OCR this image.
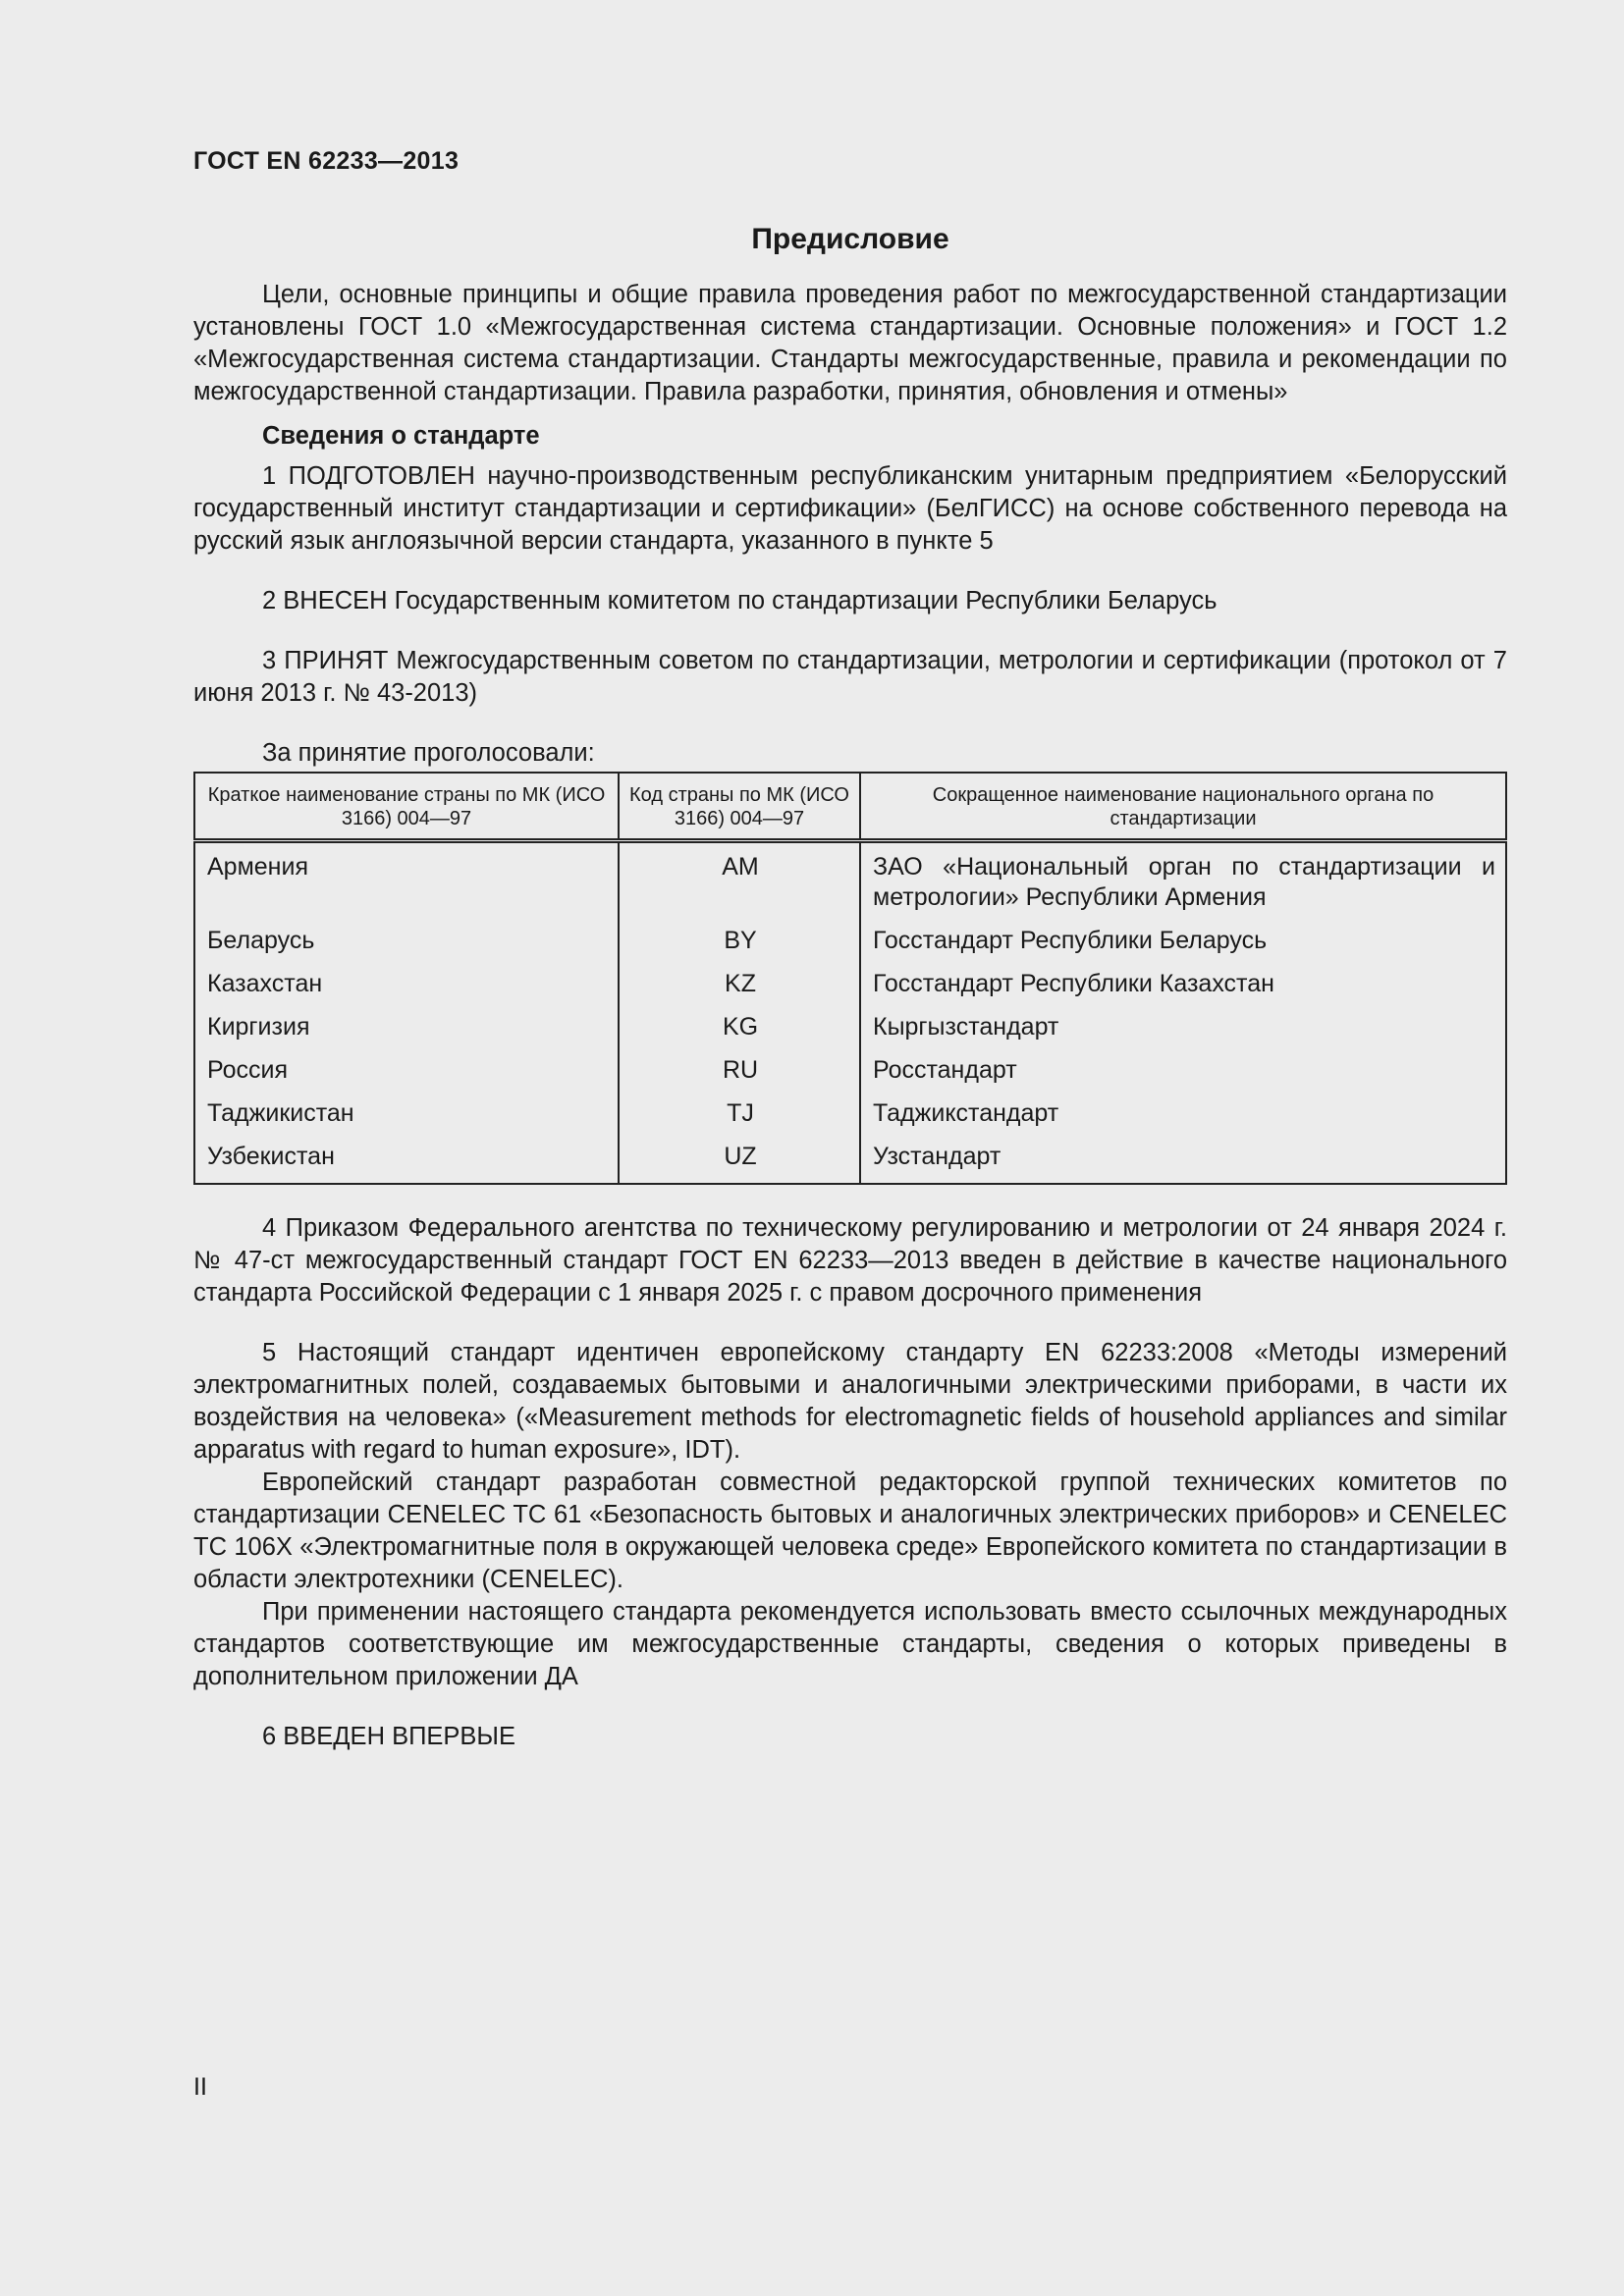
ГОСТ EN 62233—2013
Предисловие

Цели, основные принципы и общие правила проведения работ по межгосударственной стандартизации установлены ГОСТ 1.0 «Межгосударственная система стандартизации. Основные положения» и ГОСТ 1.2 «Межгосударственная система стандартизации. Стандарты межгосударственные, правила и рекомендации по межгосударственной стандартизации. Правила разработки, принятия, обновления и отмены»

Сведения о стандарте

1 ПОДГОТОВЛЕН научно-производственным республиканским унитарным предприятием «Белорусский государственный институт стандартизации и сертификации» (БелГИСС) на основе собственного перевода на русский язык англоязычной версии стандарта, указанного в пункте 5

2 ВНЕСЕН Государственным комитетом по стандартизации Республики Беларусь

3 ПРИНЯТ Межгосударственным советом по стандартизации, метрологии и сертификации (протокол от 7 июня 2013 г. № 43-2013)

За принятие проголосовали:

Краткое наименование страны по МК (ИСО 3166) 004—97	Код страны по МК (ИСО 3166) 004—97	Сокращенное наименование национального органа по стандартизации
Армения	AM	ЗАО «Национальный орган по стандартизации и метрологии» Республики Армения
Беларусь	BY	Госстандарт Республики Беларусь
Казахстан	KZ	Госстандарт Республики Казахстан
Киргизия	KG	Кыргызстандарт
Россия	RU	Росстандарт
Таджикистан	TJ	Таджикстандарт
Узбекистан	UZ	Узстандарт

4 Приказом Федерального агентства по техническому регулированию и метрологии от 24 января 2024 г. № 47-ст межгосударственный стандарт ГОСТ EN 62233—2013 введен в действие в качестве национального стандарта Российской Федерации с 1 января 2025 г. с правом досрочного применения

5 Настоящий стандарт идентичен европейскому стандарту EN 62233:2008 «Методы измерений электромагнитных полей, создаваемых бытовыми и аналогичными электрическими приборами, в части их воздействия на человека» («Measurement methods for electromagnetic fields of household appliances and similar apparatus with regard to human exposure», IDT).

Европейский стандарт разработан совместной редакторской группой технических комитетов по стандартизации CENELEC TC 61 «Безопасность бытовых и аналогичных электрических приборов» и CENELEC TC 106X «Электромагнитные поля в окружающей человека среде» Европейского комитета по стандартизации в области электротехники (CENELEC).

При применении настоящего стандарта рекомендуется использовать вместо ссылочных международных стандартов соответствующие им межгосударственные стандарты, сведения о которых приведены в дополнительном приложении ДА

6 ВВЕДЕН ВПЕРВЫЕ

II
